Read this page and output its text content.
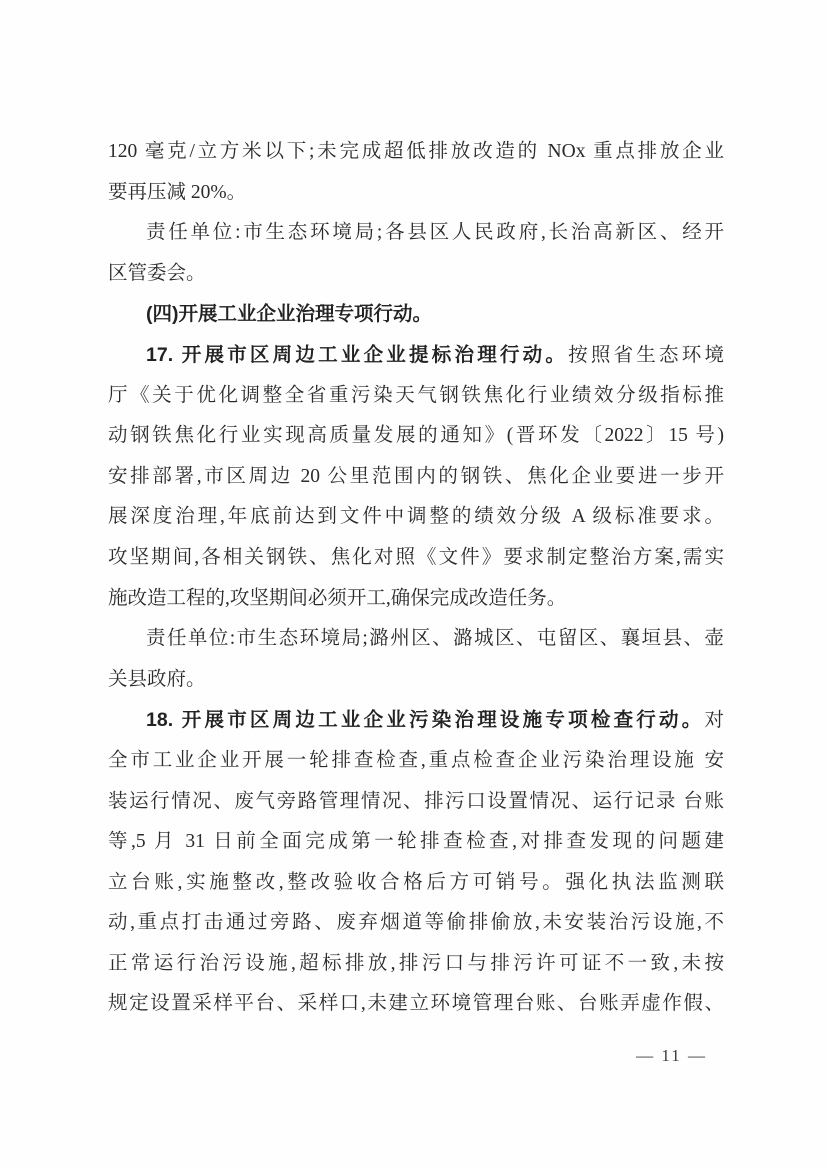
120 毫克/立方米以下;未完成超低排放改造的 NOx 重点排放企业
要再压减 20%。
责任单位:市生态环境局;各县区人民政府,长治高新区、经开
区管委会。
(四)开展工业企业治理专项行动。
17. 开展市区周边工业企业提标治理行动。按照省生态环境
厅《关于优化调整全省重污染天气钢铁焦化行业绩效分级指标推
动钢铁焦化行业实现高质量发展的通知》(晋环发〔2022〕15 号)
安排部署,市区周边 20 公里范围内的钢铁、焦化企业要进一步开
展深度治理,年底前达到文件中调整的绩效分级 A 级标准要求。
攻坚期间,各相关钢铁、焦化对照《文件》要求制定整治方案,需实
施改造工程的,攻坚期间必须开工,确保完成改造任务。
责任单位:市生态环境局;潞州区、潞城区、屯留区、襄垣县、壶
关县政府。
18. 开展市区周边工业企业污染治理设施专项检查行动。对
全市工业企业开展一轮排查检查,重点检查企业污染治理设施 安
装运行情况、废气旁路管理情况、排污口设置情况、运行记录 台账
等,5 月 31 日前全面完成第一轮排查检查,对排查发现的问题建
立台账,实施整改,整改验收合格后方可销号。强化执法监测联
动,重点打击通过旁路、废弃烟道等偷排偷放,未安装治污设施,不
正常运行治污设施,超标排放,排污口与排污许可证不一致,未按
规定设置采样平台、采样口,未建立环境管理台账、台账弄虚作假、
— 11 —
